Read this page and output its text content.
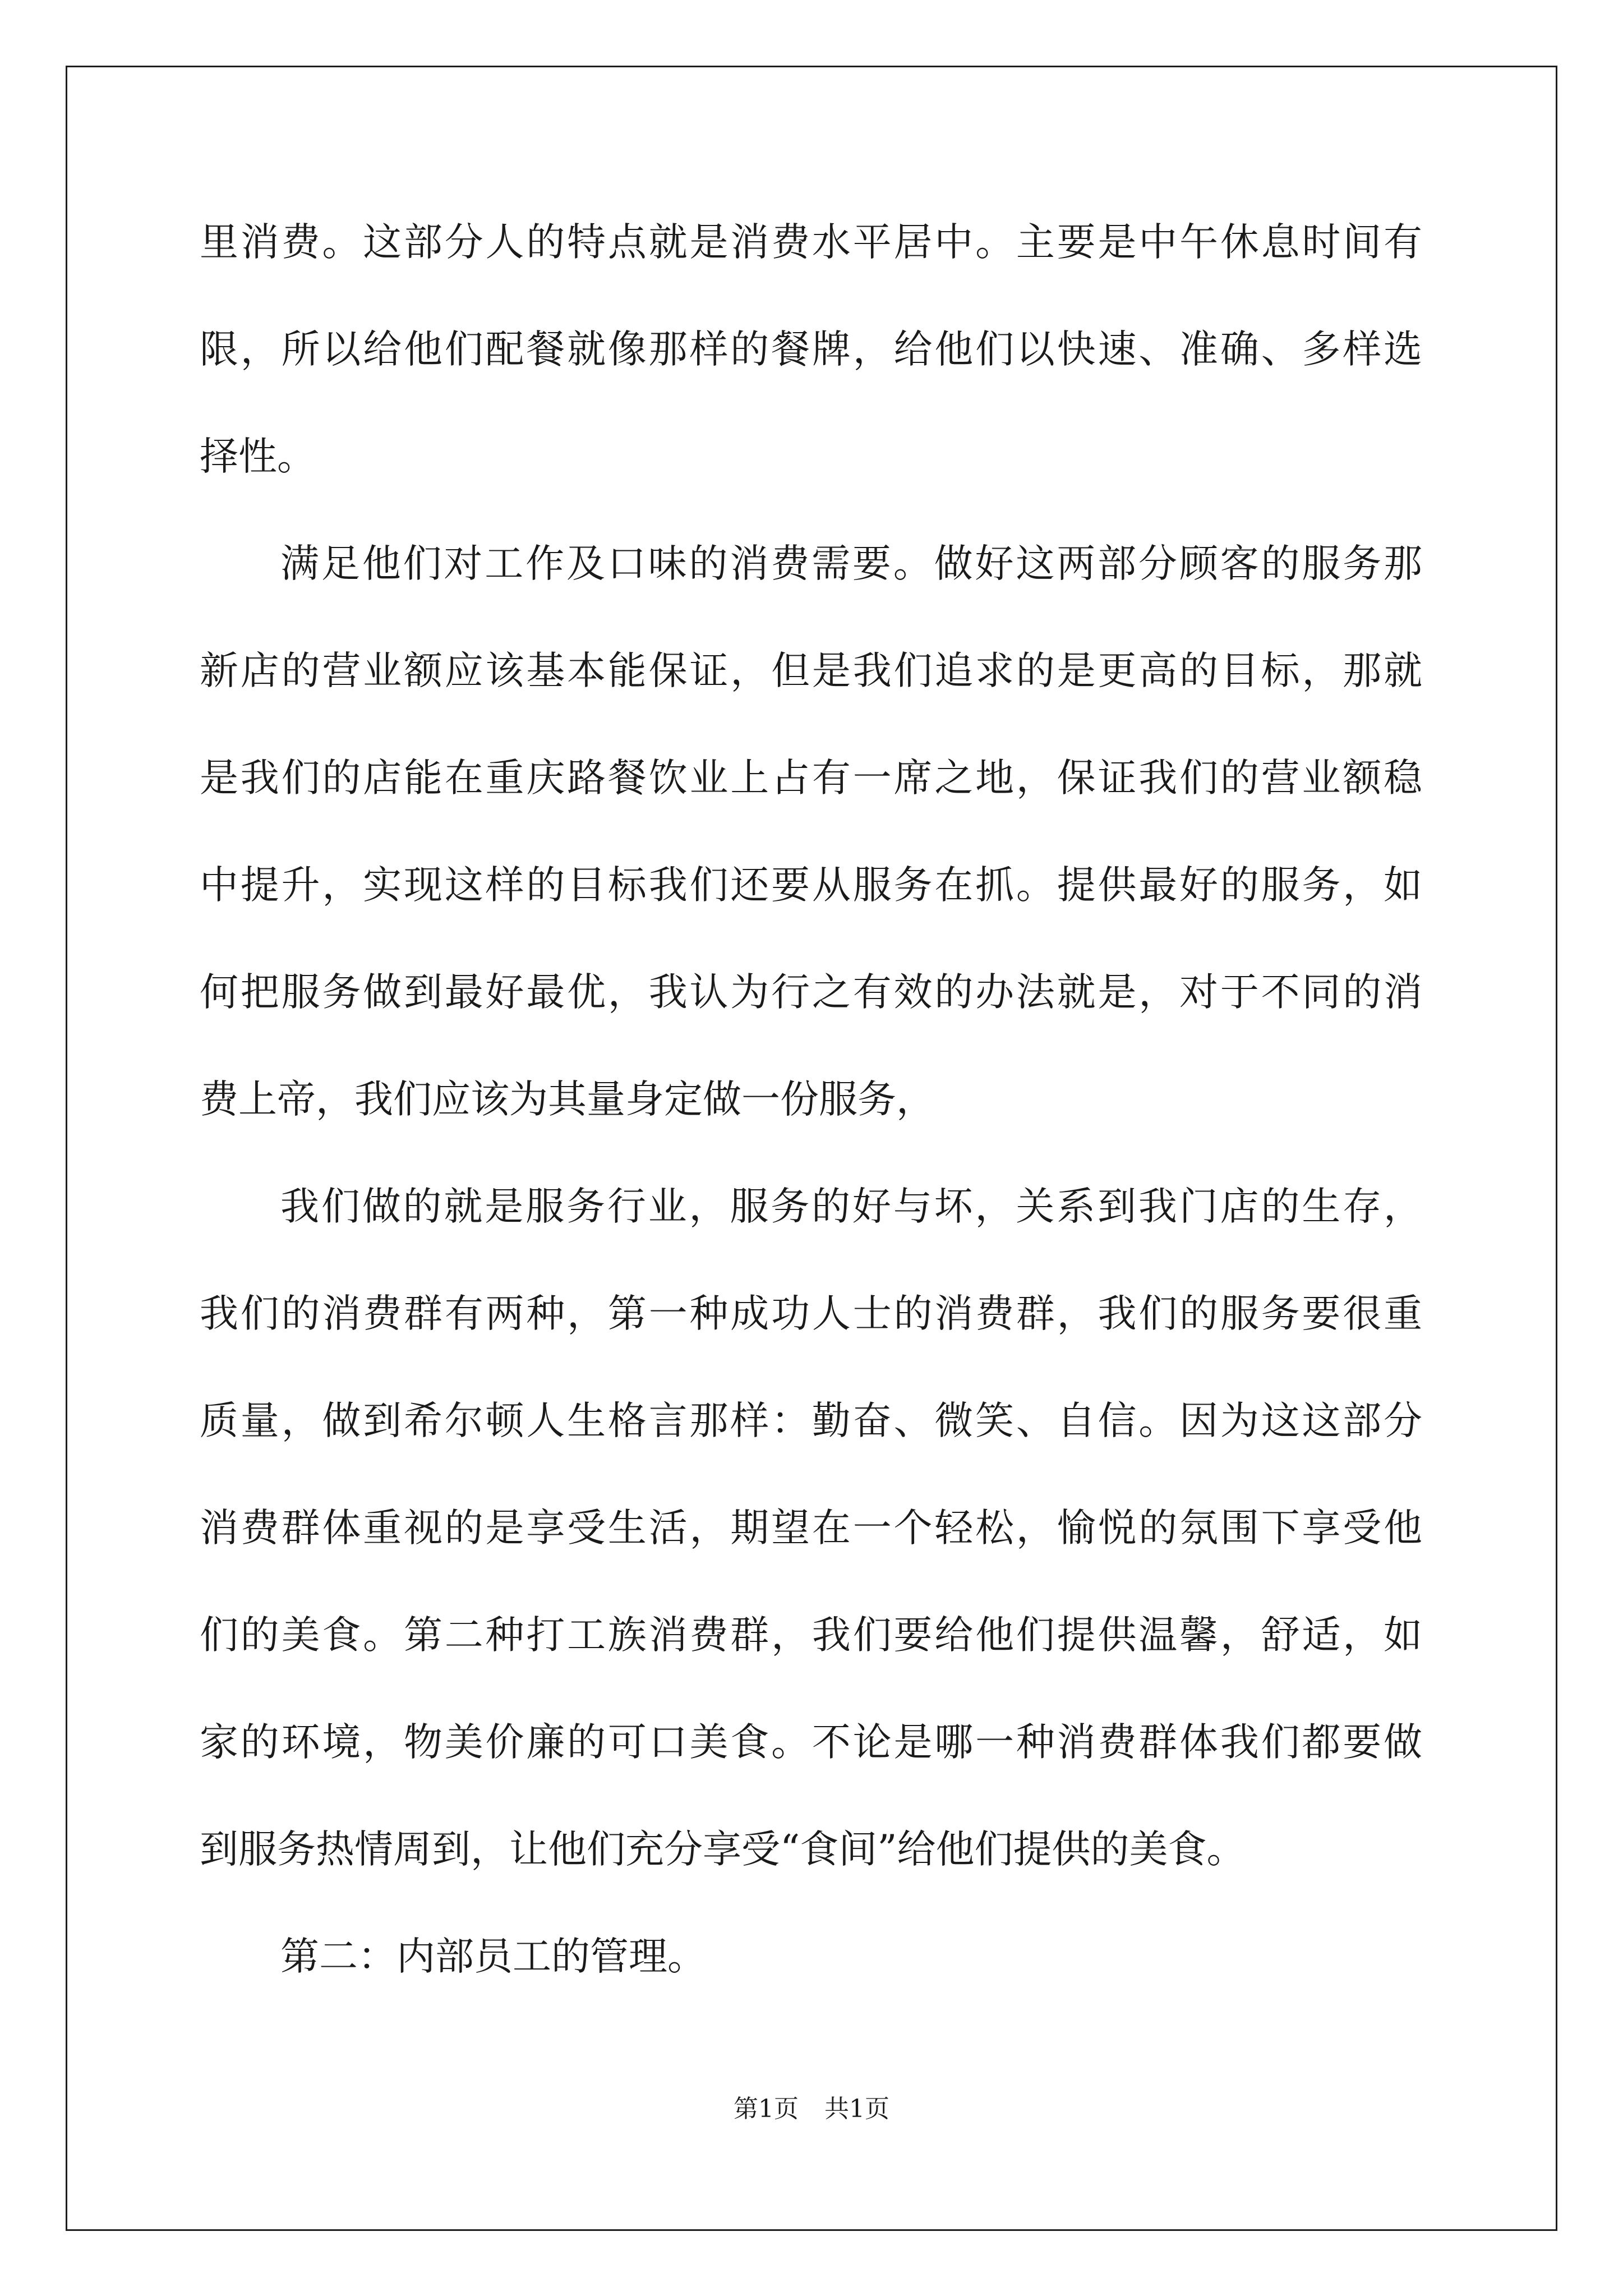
里消费。这部分人的特点就是消费水平居中。主要是中午休息时间有
限，所以给他们配餐就像那样的餐牌，给他们以快速、准确、多样选
择性。
满足他们对工作及口味的消费需要。做好这两部分顾客的服务那
新店的营业额应该基本能保证，但是我们追求的是更高的目标，那就
是我们的店能在重庆路餐饮业上占有一席之地，保证我们的营业额稳
中提升，实现这样的目标我们还要从服务在抓。提供最好的服务，如
何把服务做到最好最优，我认为行之有效的办法就是，对于不同的消
费上帝，我们应该为其量身定做一份服务，
我们做的就是服务行业，服务的好与坏，关系到我门店的生存，
我们的消费群有两种，第一种成功人士的消费群，我们的服务要很重
质量，做到希尔顿人生格言那样：勤奋、微笑、自信。因为这这部分
消费群体重视的是享受生活，期望在一个轻松，愉悦的氛围下享受他
们的美食。第二种打工族消费群，我们要给他们提供温馨，舒适，如
家的环境，物美价廉的可口美食。不论是哪一种消费群体我们都要做
到服务热情周到，让他们充分享受“食间”给他们提供的美食。
第二：内部员工的管理。
第1页 共1页
